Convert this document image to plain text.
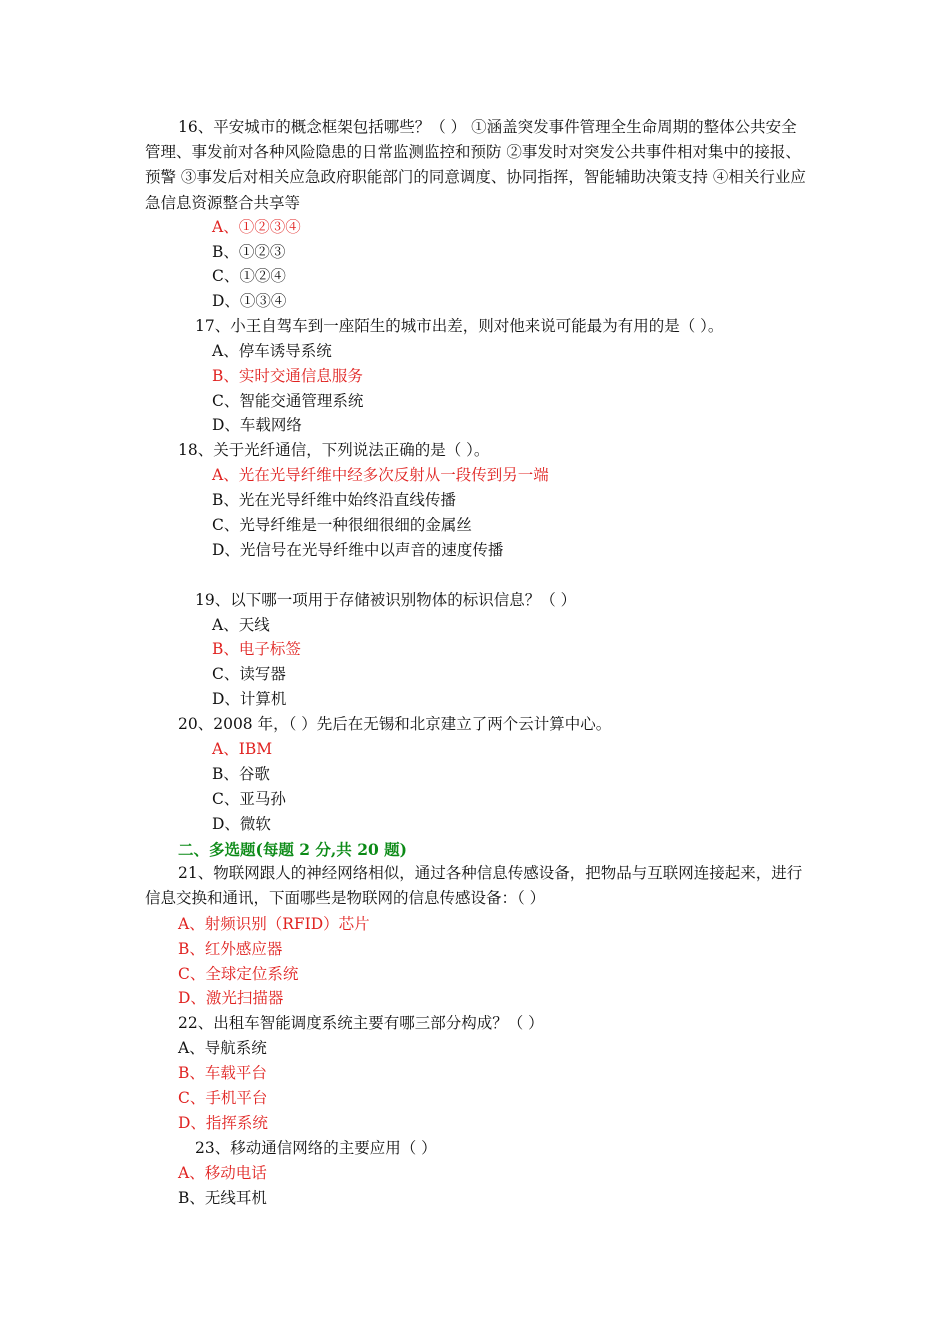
16、平安城市的概念框架包括哪些？（ ） ①涵盖突发事件管理全生命周期的整体公共安全管理、事发前对各种风险隐患的日常监测监控和预防 ②事发时对突发公共事件相对集中的接报、预警 ③事发后对相关应急政府职能部门的同意调度、协同指挥，智能辅助决策支持 ④相关行业应急信息资源整合共享等
A、①②③④
B、①②③
C、①②④
D、①③④
17、小王自驾车到一座陌生的城市出差，则对他来说可能最为有用的是（ ）。
A、停车诱导系统
B、实时交通信息服务
C、智能交通管理系统
D、车载网络
18、关于光纤通信，下列说法正确的是（ ）。
A、光在光导纤维中经多次反射从一段传到另一端
B、光在光导纤维中始终沿直线传播
C、光导纤维是一种很细很细的金属丝
D、光信号在光导纤维中以声音的速度传播
19、以下哪一项用于存储被识别物体的标识信息？（ ）
A、天线
B、电子标签
C、读写器
D、计算机
20、2008 年，（ ）先后在无锡和北京建立了两个云计算中心。
A、IBM
B、谷歌
C、亚马孙
D、微软
二、多选题(每题 2 分,共 20 题)
21、物联网跟人的神经网络相似，通过各种信息传感设备，把物品与互联网连接起来，进行信息交换和通讯，下面哪些是物联网的信息传感设备：（ ）
A、射频识别（RFID）芯片
B、红外感应器
C、全球定位系统
D、激光扫描器
22、出租车智能调度系统主要有哪三部分构成？（ ）
A、导航系统
B、车载平台
C、手机平台
D、指挥系统
23、移动通信网络的主要应用（ ）
A、移动电话
B、无线耳机
